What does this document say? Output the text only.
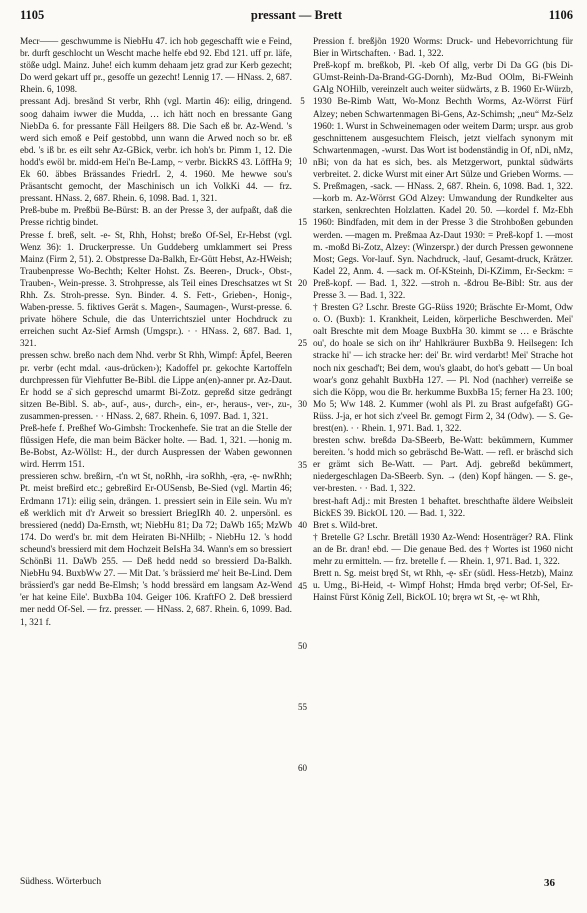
1105	pressant — Brett	1106

Mecr—— geschwumme is NiebHu 47. ich hob gegeschafft wie e Feind, br. durft geschlocht un Wescht mache helfe ebd 92. Ebd 121. uff pr. läfe, stöße udgl. Mainz. Juhe! eich kumm dehaam jetz grad zur Kerb gezecht; Do werd gekart uff pr., gesoffe un gezecht! Lennig 17. — HNass. 2, 687. Rhein. 6, 1098.

pressant Adj. bresãnd St verbr, Rhh (vgl. Martin 46): eilig, dringend. soog dahaim iwwer die Mudda, … ich hätt noch en bressante Gang NiebDa 6. for pressante Fäll Heilgers 88. Die Sach eß br. Az-Wend. 's werd sich emoß e Peif gestobbd, unn wann die Arwed noch so br. eß ebd. 's iß br. es eilt sehr Az-GBick, verbr. ich hoh's br. Pimm 1, 12. Die hodd's ewöl br. midd-em Hei'n Be-Lamp, ~ verbr. BickRS 43. LöffHa 9; Ek 60. äbbes Brässandes FriedrL 2, 4. 1960. Me hewwe sou's Präsantscht gemocht, der Maschinisch un ich VolkKi 44. — frz. pressant. HNass. 2, 687. Rhein. 6, 1098. Bad. 1, 321.

Preß-bube m. Preßbü Be-Bürst: B. an der Presse 3, der aufpaßt, daß die Presse richtig bindet.

Presse f. breß, selt. -e- St, Rhh, Hohst; breßo Of-Sel, Er-Hebst (vgl. Wenz 36): 1. Druckerpresse. Un Guddeberg umklammert sei Press Mainz (Firm 2, 51). 2. Obstpresse Da-Balkh, Er-Gütt Hebst, Az-HWeish; Traubenpresse Wo-Bechth; Kelter Hohst. Zs. Beeren-, Druck-, Obst-, Trauben-, Wein-presse. 3. Strohpresse, als Teil eines Dreschsatzes wt St Rhh. Zs. Stroh-presse. Syn. Binder. 4. S. Fett-, Grieben-, Honig-, Waben-presse. 5. fiktives Gerät s. Magen-, Saumagen-, Wurst-presse. 6. private höhere Schule, die das Unterrichtsziel unter Hochdruck zu erreichen sucht Az-Sief Armsh (Umgspr.). · · HNass. 2, 687. Bad. 1, 321.

pressen schw. breßo nach dem Nhd. verbr St Rhh, Wimpf: Äpfel, Beeren pr. verbr (echt mdal. ‹aus-drücken›); Kadoffel pr. gekochte Kartoffeln durchpressen für Viehfutter Be-Bibl. die Lippe an(en)-anner pr. Az-Daut. Er hodd se a͂ sich gepreschd umarmt Bi-Zotz. gepreßd sitze gedrängt sitzen Be-Bibl. S. ab-, auf-, aus-, durch-, ein-, er-, heraus-, ver-, zu-, zusammen-pressen. · · HNass. 2, 687. Rhein. 6, 1097. Bad. 1, 321.

Preß-hefe f. Preßhef Wo-Gimbsh: Trockenhefe. Sie trat an die Stelle der flüssigen Hefe, die man beim Bäcker holte. — Bad. 1, 321. —honig m. Be-Bobst, Az-Wöllst: H., der durch Auspressen der Waben gewonnen wird. Herrm 151.

pressieren schw. breßirn, -t'n wt St, noRhh, -irə soRhh, -ẹrə, -ẹ- nwRhh; Pt. meist breßird etc.; gebreßird Er-OUSensb, Be-Sied (vgl. Martin 46; Erdmann 171): eilig sein, drängen. 1. pressiert sein in Eile sein. Wu m'r eß werklich mit d'r Arweit so bressiert BriegIRh 40. 2. unpersönl. es bressiered (nedd) Da-Ernsth, wt; NiebHu 81; Da 72; DaWb 165; MzWb 174. Do werd's br. mit dem Heiraten Bi-NHilb; - NiebHu 12. 's hodd scheund's bressierd mit dem Hochzeit BeIsHa 34. Wann's em so bressiert SchönBi 11. DaWb 255. — Deß hedd nedd so bressierd Da-Balkh. NiebHu 94. BuxbWw 27. — Mit Dat. 's brässierd me' heit Be-Lind. Dem brässierd's gar nedd Be-Elmsh; 's hodd bressärd em langsam Az-Wend 'er hat keine Eile'. BuxbBa 104. Geiger 106. KraftFO 2. Deß bressierd mer nedd Of-Sel. — frz. presser. — HNass. 2, 687. Rhein. 6, 1099. Bad. 1, 321 f.

5
10
15
20
25
30
35
40
45
50
55
60

Pression f. breßjõn 1920 Worms: Druck- und Hebevorrichtung für Bier in Wirtschaften. · Bad. 1, 322.

Preß-kopf m. breßkob, Pl. -keb Of allg, verbr Di Da GG (bis Di-GUmst-Reinh-Da-Brand-GG-Dornh), Mz-Bud OOlm, Bi-FWeinh GAlg NOHilb, vereinzelt auch weiter südwärts, z B. 1960 Er-Würzb, 1930 Be-Rimb Watt, Wo-Monz Bechth Worms, Az-Wörrst Fürf Alzey; neben Schwartenmagen Bi-Gens, Az-Schimsh; „neu“ Mz-Selz 1960: 1. Wurst in Schweinemagen oder weitem Darm; urspr. aus grob geschnittenem ausgesuchtem Fleisch, jetzt vielfach synonym mit Schwartenmagen, -wurst. Das Wort ist bodenständig in Of, nDi, nMz, nBi; von da hat es sich, bes. als Metzgerwort, punktal südwärts verbreitet. 2. dicke Wurst mit einer Art Sülze und Grieben Worms. — S. Preßmagen, -sack. — HNass. 2, 687. Rhein. 6, 1098. Bad. 1, 322. —korb m. Az-Wörrst GOd Alzey: Umwandung der Rundkelter aus starken, senkrechten Holzlatten. Kadel 20. 50. —kordel f. Mz-Ebh 1960: Bindfaden, mit dem in der Presse 3 die Strohboßen gebunden werden. —magen m. Preßmaa Az-Daut 1930: = Preß-kopf 1. —most m. -moßd Bi-Zotz, Alzey: (Winzerspr.) der durch Pressen gewonnene Most; Gegs. Vor-lauf. Syn. Nachdruck, -lauf, Gesamt-druck, Krätzer. Kadel 22, Anm. 4. —sack m. Of-KSteinh, Di-KZimm, Er-Seckm: = Preß-kopf. — Bad. 1, 322. —stroh n. -ßdrou Be-Bibl: Str. aus der Presse 3. — Bad. 1, 322.

† Bresten G? Lschr. Breste GG-Rüss 1920; Bräschte Er-Momt, Odw o. O. (Buxb): 1. Krankheit, Leiden, körperliche Beschwerden. Mei' oalt Breschte mit dem Moage BuxbHa 30. kimmt se … e Bräschte ou', do hoale se sich on ihr' Hahlkräurer BuxbBa 9. Heilsegen: Ich stracke hi' — ich stracke her: dei' Br. wird verdarbt! Mei' Strache hot noch nix geschad't; Bei dem, wou's glaabt, do hot's gebatt — Un boal woar's gonz gehahlt BuxbHa 127. — Pl. Nod (nachher) verreiße se sich die Köpp, wou die Br. herkumme BuxbBa 15; ferner Ha 23. 100; Mo 5; Ww 148. 2. Kummer (wohl als Pl. zu Brast aufgefaßt) GG-Rüss. J-ja, er hot sich z'veel Br. gemogt Firm 2, 34 (Odw). — S. Ge-brest(en). · · Rhein. 1, 971. Bad. 1, 322.

bresten schw. breßdə Da-SBeerb, Be-Watt: bekümmern, Kummer bereiten. 's hodd mich so gebräschd Be-Watt. — refl. er bräschd sich er grämt sich Be-Watt. — Part. Adj. gebreßd bekümmert, niedergeschlagen Da-SBeerb. Syn. → (den) Kopf hängen. — S. ge-, ver-bresten. · · Bad. 1, 322.

brest-haft Adj.: mit Bresten 1 behaftet. breschthafte äldere Weibsleit BickES 39. BickOL 120. — Bad. 1, 322.

Bret s. Wild-bret.

† Bretelle G? Lschr. Bretäll 1930 Az-Wend: Hosenträger? RA. Flink an de Br. dran! ebd. — Die genaue Bed. des † Wortes ist 1960 nicht mehr zu ermitteln. — frz. bretelle f. — Rhein. 1, 971. Bad. 1, 322.

Brett n. Sg. meist bręd St, wt Rhh, -ẹ- sEr (südl. Hess-Hetzb), Mainz u. Umg., Bi-Heid, -t- Wimpf Hohst; Hmda bręd verbr; Of-Sel, Er-Hainst Fürst König Zell, BickOL 10; bręrə wt St, -ẹ- wt Rhh,

Südhess. Wörterbuch	36
